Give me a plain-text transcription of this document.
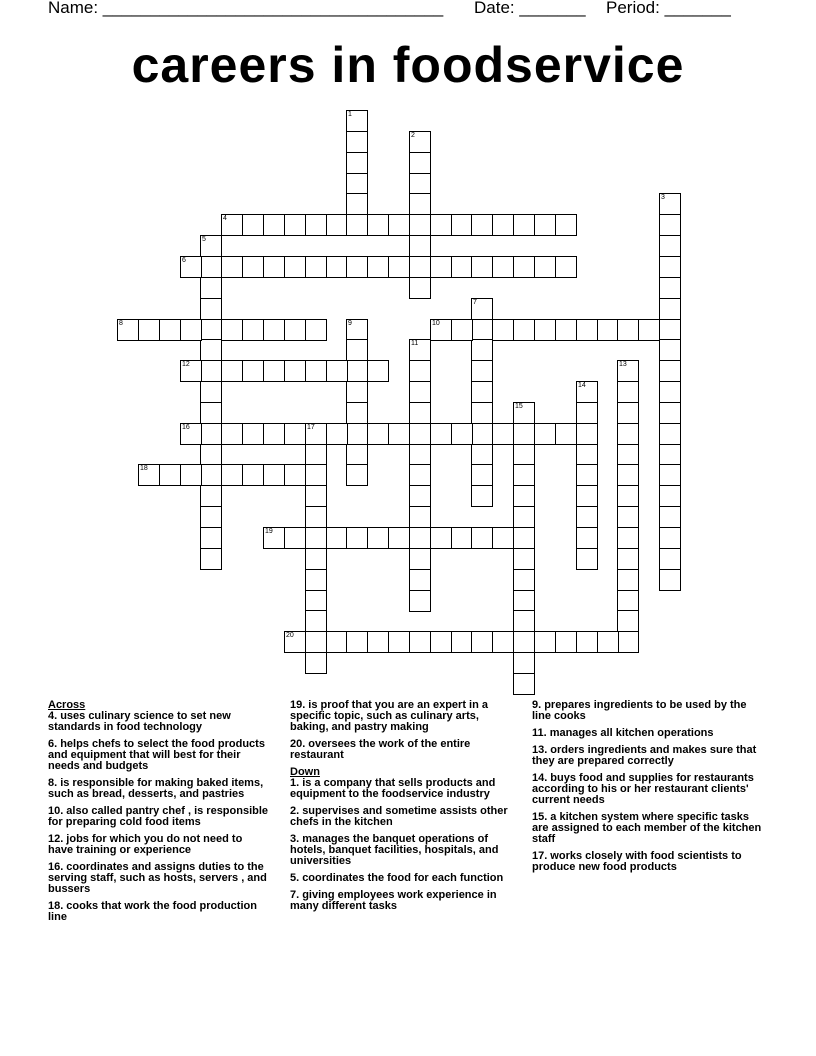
Name: ____________________________________ Date: _______ Period: _______
careers in foodservice
1
2
3
4
5
6
7
8	9	10
11
12	13
14
15
16	17
18
19
20
Across
4. uses culinary science to set new standards in food technology
6. helps chefs to select the food products and equipment that will best for their needs and budgets
8. is responsible for making baked items, such as bread, desserts, and pastries
10. also called pantry chef , is responsible for preparing cold food items
12. jobs for which you do not need to have training or experience
16. coordinates and assigns duties to the serving staff, such as hosts, servers , and bussers
18. cooks that work the food production line
19. is proof that you are an expert in a specific topic, such as culinary arts, baking, and pastry making
20. oversees the work of the entire restaurant
Down
1. is a company that sells products and equipment to the foodservice industry
2. supervises and sometime assists other chefs in the kitchen
3. manages the banquet operations of hotels, banquet facilities, hospitals, and universities
5. coordinates the food for each function
7. giving employees work experience in many different tasks
9. prepares ingredients to be used by the line cooks
11. manages all kitchen operations
13. orders ingredients and makes sure that they are prepared correctly
14. buys food and supplies for restaurants according to his or her restaurant clients' current needs
15. a kitchen system where specific tasks are assigned to each member of the kitchen staff
17. works closely with food scientists to produce new food products
